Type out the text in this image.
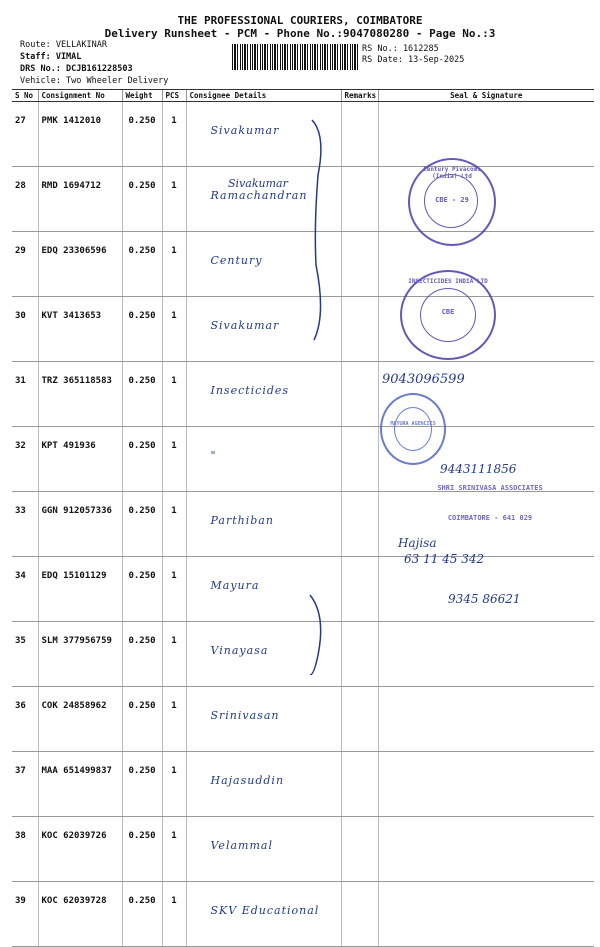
THE PROFESSIONAL COURIERS, COIMBATORE
Delivery Runsheet - PCM - Phone No.:9047080280 - Page No.:3
Route: VELLAKINAR
Staff: VIMAL
DRS No.: DCJB161228503
Vehicle: Two Wheeler Delivery
RS No.: 1612285
RS Date: 13-Sep-2025
S No	Consignment No	Weight	PCS	Consignee Details	Remarks	Seal & Signature
27	PMK 1412010	0.250	1	Sivakumar		
28	RMD 1694712	0.250	1	Ramachandran		
29	EDQ 23306596	0.250	1	Century		
30	KVT 3413653	0.250	1	Sivakumar		
31	TRZ 365118583	0.250	1	Insecticides		
32	KPT 491936	0.250	1	"		
33	GGN 912057336	0.250	1	Parthiban		
34	EDQ 15101129	0.250	1	Mayura		
35	SLM 377956759	0.250	1	Vinayasa		
36	COK 24858962	0.250	1	Srinivasan		
37	MAA 651499837	0.250	1	Hajasuddin		
38	KOC 62039726	0.250	1	Velammal		
39	KOC 62039728	0.250	1	SKV Educational		
Sivakumar
9043096599
9443111856
Hajisa
63 11 45 342
9345 86621
Century Pivacoms (India) Ltd
CBE - 29
INSECTICIDES INDIA LTD
CBE
MAYURA AGENCIES
SHRI SRINIVASA ASSOCIATES
COIMBATORE - 641 029
